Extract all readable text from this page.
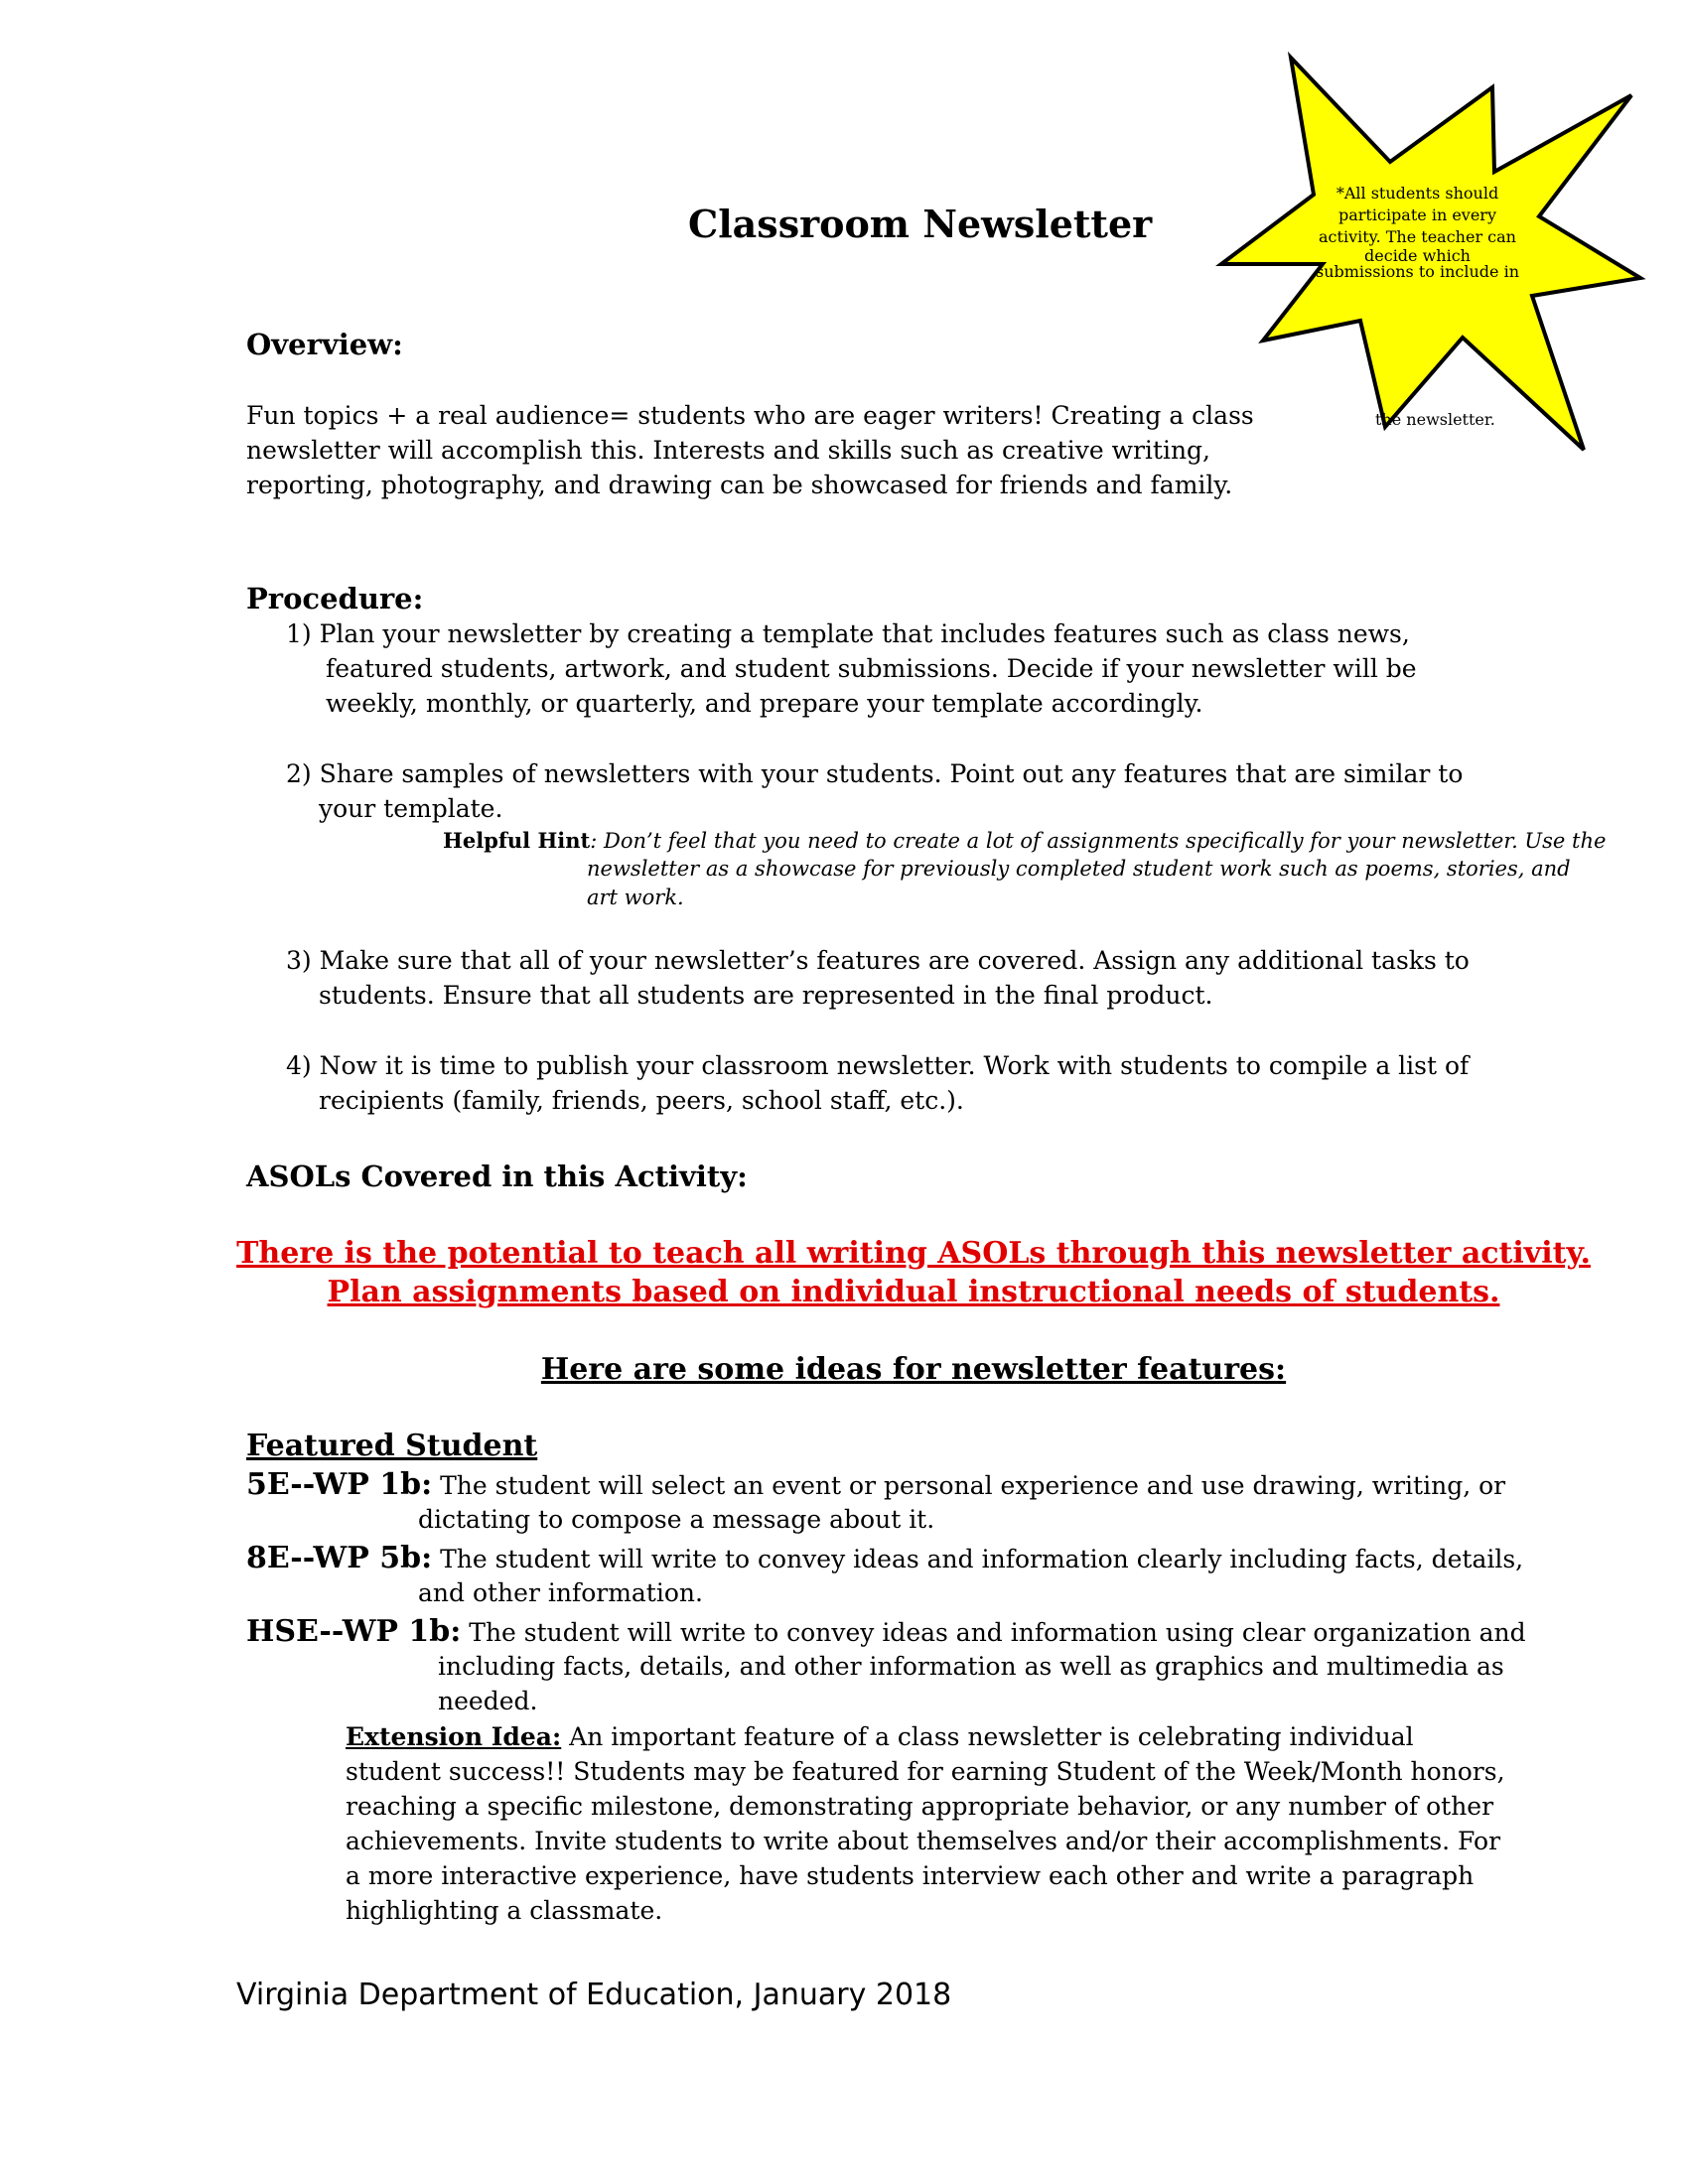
*All students should
participate in every
activity. The teacher can
decide which
submissions to include in
the newsletter.
Classroom Newsletter
Overview:
Fun topics + a real audience= students who are eager writers! Creating a class
newsletter will accomplish this. Interests and skills such as creative writing,
reporting, photography, and drawing can be showcased for friends and family.
Procedure:
1) Plan your newsletter by creating a template that includes features such as class news,
featured students, artwork, and student submissions. Decide if your newsletter will be
weekly, monthly, or quarterly, and prepare your template accordingly.
2) Share samples of newsletters with your students. Point out any features that are similar to
your template.
Helpful Hint: Don’t feel that you need to create a lot of assignments specifically for your newsletter. Use the
newsletter as a showcase for previously completed student work such as poems, stories, and
art work.
3) Make sure that all of your newsletter’s features are covered. Assign any additional tasks to
students. Ensure that all students are represented in the final product.
4) Now it is time to publish your classroom newsletter. Work with students to compile a list of
recipients (family, friends, peers, school staff, etc.).
ASOLs Covered in this Activity:
There is the potential to teach all writing ASOLs through this newsletter activity.
Plan assignments based on individual instructional needs of students.
Here are some ideas for newsletter features:
Featured Student
5E--WP 1b: The student will select an event or personal experience and use drawing, writing, or
dictating to compose a message about it.
8E--WP 5b: The student will write to convey ideas and information clearly including facts, details,
and other information.
HSE--WP 1b: The student will write to convey ideas and information using clear organization and
including facts, details, and other information as well as graphics and multimedia as
needed.
Extension Idea: An important feature of a class newsletter is celebrating individual
student success!! Students may be featured for earning Student of the Week/Month honors,
reaching a specific milestone, demonstrating appropriate behavior, or any number of other
achievements. Invite students to write about themselves and/or their accomplishments. For
a more interactive experience, have students interview each other and write a paragraph
highlighting a classmate.
Virginia Department of Education, January 2018
